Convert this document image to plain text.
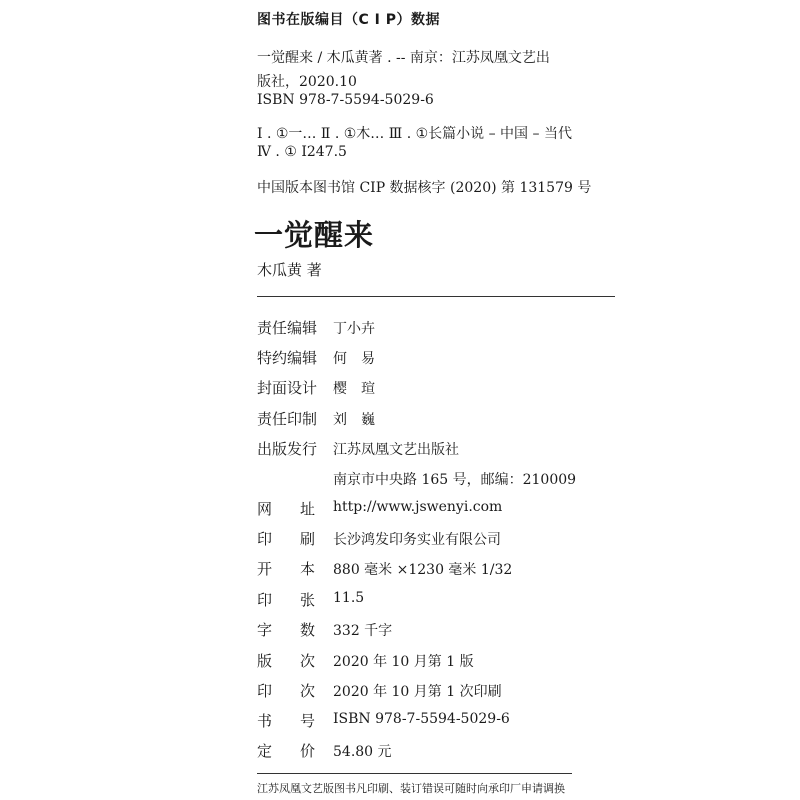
图书在版编目（C I P）数据
一觉醒来 / 木瓜黄著 . -- 南京：江苏凤凰文艺出
版社，2020.10
ISBN 978-7-5594-5029-6
Ⅰ . ①一… Ⅱ . ①木… Ⅲ . ①长篇小说 – 中国 – 当代
Ⅳ . ① I247.5
中国版本图书馆 CIP 数据核字 (2020) 第 131579 号
一觉醒来
木瓜黄 著
责任编辑 丁小卉
特约编辑 何　易
封面设计 樱　瑄
责任印制 刘　巍
出版发行 江苏凤凰文艺出版社
南京市中央路 165 号，邮编：210009
网 址 http://www.jswenyi.com
印 刷 长沙鸿发印务实业有限公司
开 本 880 毫米 ×1230 毫米 1/32
印 张 11.5
字 数 332 千字
版 次 2020 年 10 月第 1 版
印 次 2020 年 10 月第 1 次印刷
书 号 ISBN 978-7-5594-5029-6
定 价 54.80 元
江苏凤凰文艺版图书凡印刷、装订错误可随时向承印厂申请调换
